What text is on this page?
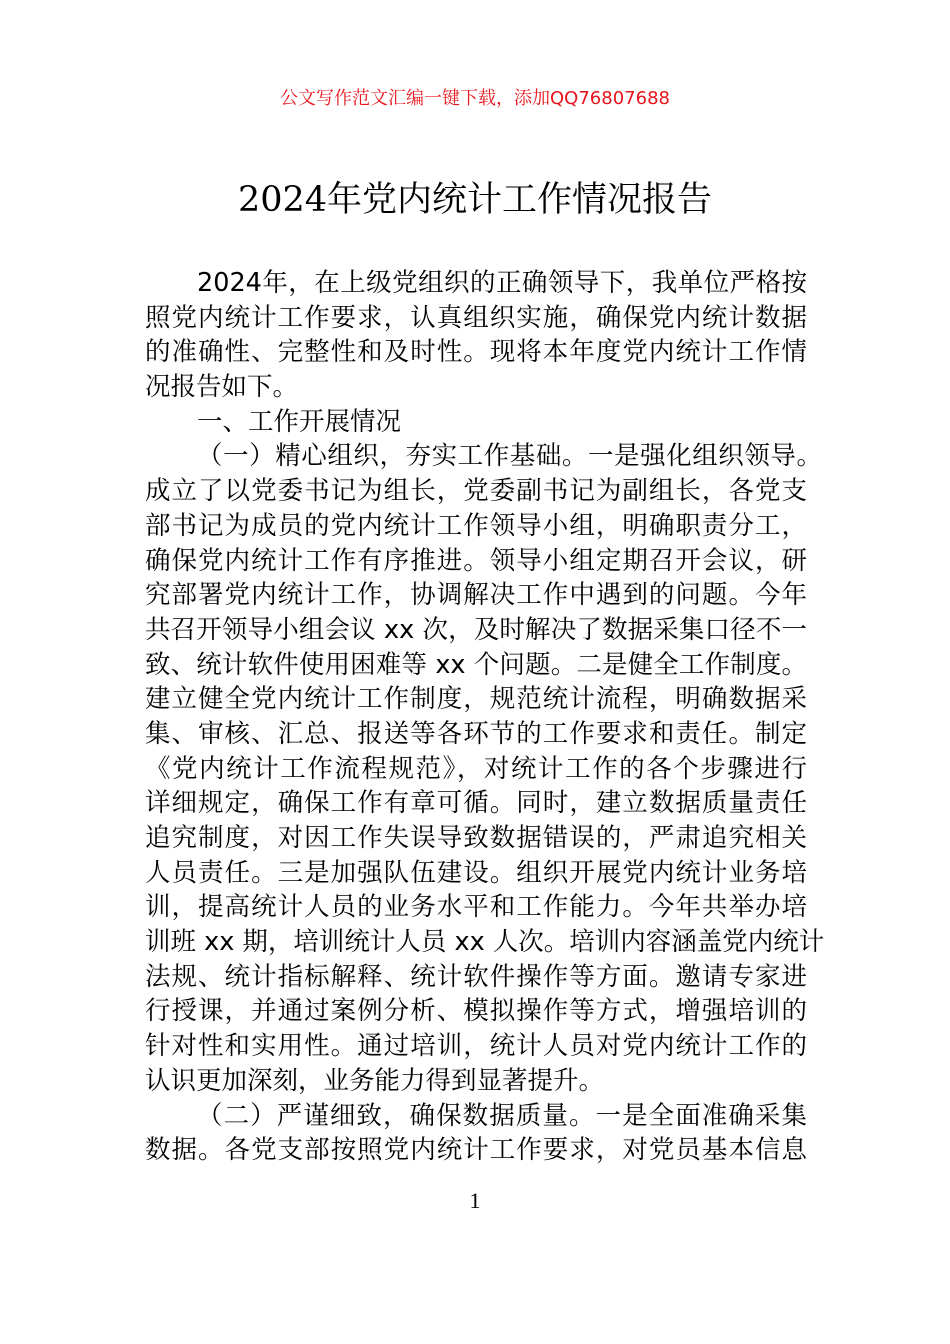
公文写作范文汇编一键下载，添加QQ76807688
2024年党内统计工作情况报告
2024年，在上级党组织的正确领导下，我单位严格按
照党内统计工作要求，认真组织实施，确保党内统计数据
的准确性、完整性和及时性。现将本年度党内统计工作情
况报告如下。
一、工作开展情况
（一）精心组织，夯实工作基础。一是强化组织领导。
成立了以党委书记为组长，党委副书记为副组长，各党支
部书记为成员的党内统计工作领导小组，明确职责分工，
确保党内统计工作有序推进。领导小组定期召开会议，研
究部署党内统计工作，协调解决工作中遇到的问题。今年
共召开领导小组会议 xx 次，及时解决了数据采集口径不一
致、统计软件使用困难等 xx 个问题。二是健全工作制度。
建立健全党内统计工作制度，规范统计流程，明确数据采
集、审核、汇总、报送等各环节的工作要求和责任。制定
《党内统计工作流程规范》，对统计工作的各个步骤进行
详细规定，确保工作有章可循。同时，建立数据质量责任
追究制度，对因工作失误导致数据错误的，严肃追究相关
人员责任。三是加强队伍建设。组织开展党内统计业务培
训，提高统计人员的业务水平和工作能力。今年共举办培
训班 xx 期，培训统计人员 xx 人次。培训内容涵盖党内统计
法规、统计指标解释、统计软件操作等方面。邀请专家进
行授课，并通过案例分析、模拟操作等方式，增强培训的
针对性和实用性。通过培训，统计人员对党内统计工作的
认识更加深刻，业务能力得到显著提升。
（二）严谨细致，确保数据质量。一是全面准确采集
数据。各党支部按照党内统计工作要求，对党员基本信息
1
